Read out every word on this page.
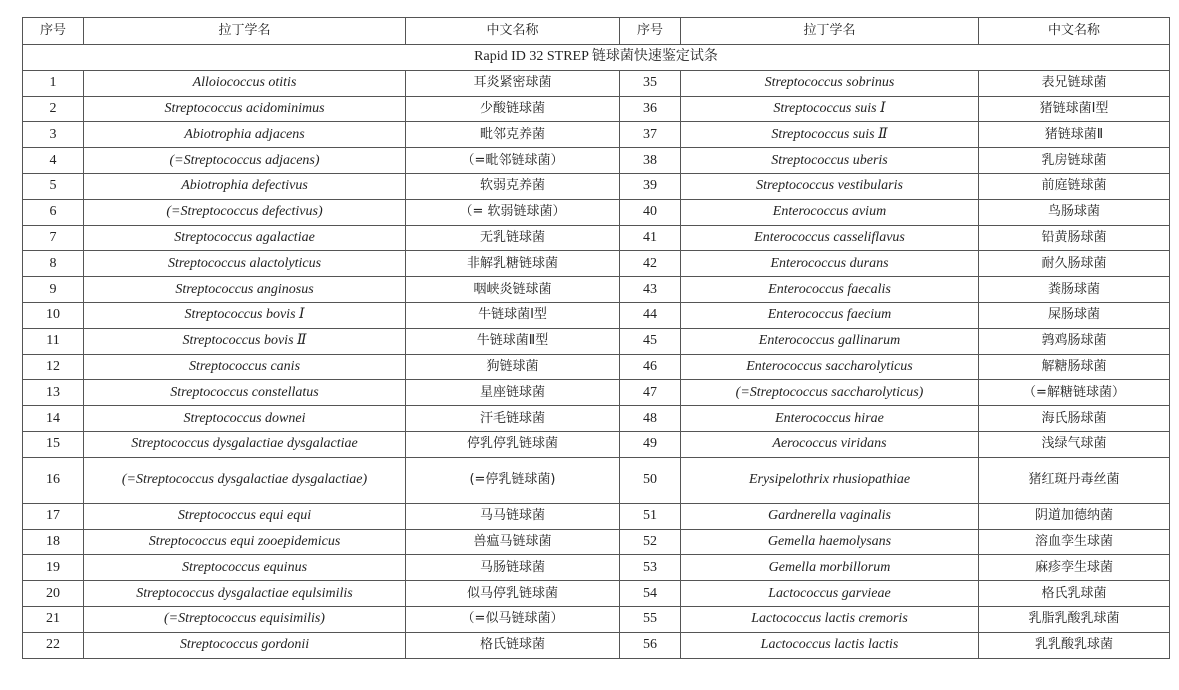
序号	拉丁学名	中文名称	序号	拉丁学名	中文名称
Rapid ID 32 STREP 链球菌快速鉴定试条					
1	Alloiococcus otitis	耳炎紧密球菌	35	Streptococcus sobrinus	表兄链球菌
2	Streptococcus acidominimus	少酸链球菌	36	Streptococcus suis Ⅰ	猪链球菌Ⅰ型
3	Abiotrophia adjacens	毗邻克养菌	37	Streptococcus suis Ⅱ	猪链球菌Ⅱ
4	(=Streptococcus adjacens)	（=毗邻链球菌）	38	Streptococcus uberis	乳房链球菌
5	Abiotrophia defectivus	软弱克养菌	39	Streptococcus vestibularis	前庭链球菌
6	(=Streptococcus defectivus)	（= 软弱链球菌）	40	Enterococcus avium	鸟肠球菌
7	Streptococcus agalactiae	无乳链球菌	41	Enterococcus casseliflavus	铅黄肠球菌
8	Streptococcus alactolyticus	非解乳糖链球菌	42	Enterococcus durans	耐久肠球菌
9	Streptococcus anginosus	咽峡炎链球菌	43	Enterococcus faecalis	粪肠球菌
10	Streptococcus bovis Ⅰ	牛链球菌Ⅰ型	44	Enterococcus faecium	屎肠球菌
11	Streptococcus bovis Ⅱ	牛链球菌Ⅱ型	45	Enterococcus gallinarum	鹑鸡肠球菌
12	Streptococcus canis	狗链球菌	46	Enterococcus saccharolyticus	解糖肠球菌
13	Streptococcus constellatus	星座链球菌	47	(=Streptococcus saccharolyticus)	（=解糖链球菌）
14	Streptococcus downei	汗毛链球菌	48	Enterococcus hirae	海氏肠球菌
15	Streptococcus dysgalactiae dysgalactiae	停乳停乳链球菌	49	Aerococcus viridans	浅绿气球菌
16	(=Streptococcus dysgalactiae dysgalactiae)	(=停乳链球菌)	50	Erysipelothrix rhusiopathiae	猪红斑丹毒丝菌
17	Streptococcus equi equi	马马链球菌	51	Gardnerella vaginalis	阴道加德纳菌
18	Streptococcus equi zooepidemicus	兽瘟马链球菌	52	Gemella haemolysans	溶血孪生球菌
19	Streptococcus equinus	马肠链球菌	53	Gemella morbillorum	麻疹孪生球菌
20	Streptococcus dysgalactiae equlsimilis	似马停乳链球菌	54	Lactococcus garvieae	格氏乳球菌
21	(=Streptococcus equisimilis)	（=似马链球菌）	55	Lactococcus lactis cremoris	乳脂乳酸乳球菌
22	Streptococcus gordonii	格氏链球菌	56	Lactococcus lactis lactis	乳乳酸乳球菌
